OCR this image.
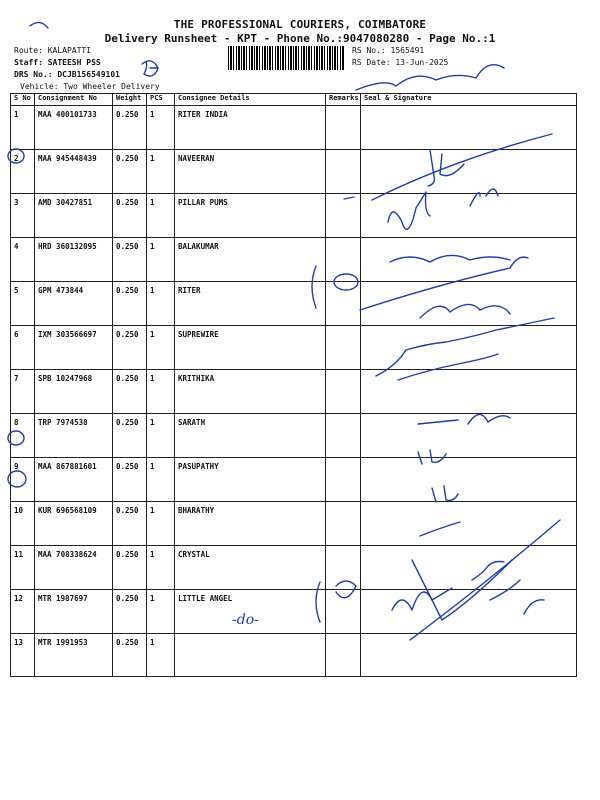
THE PROFESSIONAL COURIERS, COIMBATORE
Delivery Runsheet - KPT - Phone No.:9047080280 - Page No.:1
Route: KALAPATTI
Staff: SATEESH PSS
DRS No.: DCJB156549101
Vehicle: Two Wheeler Delivery
RS No.: 1565491
RS Date: 13-Jun-2025
S No	Consignment No	Weight	PCS	Consignee Details	Remarks	Seal & Signature
1	MAA 400101733	0.250	1	RITER INDIA		
2	MAA 945448439	0.250	1	NAVEERAN		
3	AMD 30427851	0.250	1	PILLAR PUMS		
4	HRD 360132095	0.250	1	BALAKUMAR		
5	GPM 473844	0.250	1	RITER		
6	IXM 303566697	0.250	1	SUPREWIRE		
7	SPB 10247968	0.250	1	KRITHIKA		
8	TRP 7974538	0.250	1	SARATH		
9	MAA 867881601	0.250	1	PASUPATHY		
10	KUR 696568109	0.250	1	BHARATHY		
11	MAA 708338624	0.250	1	CRYSTAL		
12	MTR 1987697	0.250	1	LITTLE ANGEL		
13	MTR 1991953	0.250	1			
-do-
